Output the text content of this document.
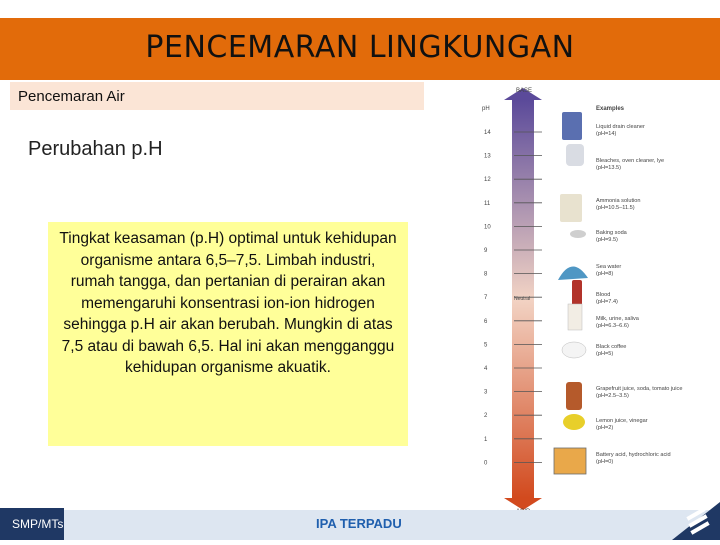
PENCEMARAN LINGKUNGAN
Pencemaran Air
Perubahan p.H
Tingkat keasaman (p.H) optimal untuk kehidupan organisme antara 6,5–7,5. Limbah industri, rumah tangga, dan pertanian di perairan akan memengaruhi konsentrasi ion-ion hidrogen sehingga p.H air akan berubah. Mungkin di atas 7,5 atau di bawah 6,5. Hal ini akan mengganggu kehidupan organisme akuatik.
BASE
pH	Examples
Neutral
14
13
12
11
10
9
8
7
6
5
4
3
2
1
0
Liquid drain cleaner
(pH=14)
Bleaches, oven cleaner, lye
(pH=13.5)
Ammonia solution
(pH=10.5–11.5)
Baking soda
(pH=9.5)
Sea water
(pH=8)
Blood
(pH=7.4)
Milk, urine, saliva
(pH=6.3–6.6)
Black coffee
(pH=5)
Grapefruit juice, soda, tomato juice
(pH=2.5–3.5)
Lemon juice, vinegar
(pH=2)
Battery acid, hydrochloric acid
(pH=0)
SMP/MTs	IPA TERPADU
